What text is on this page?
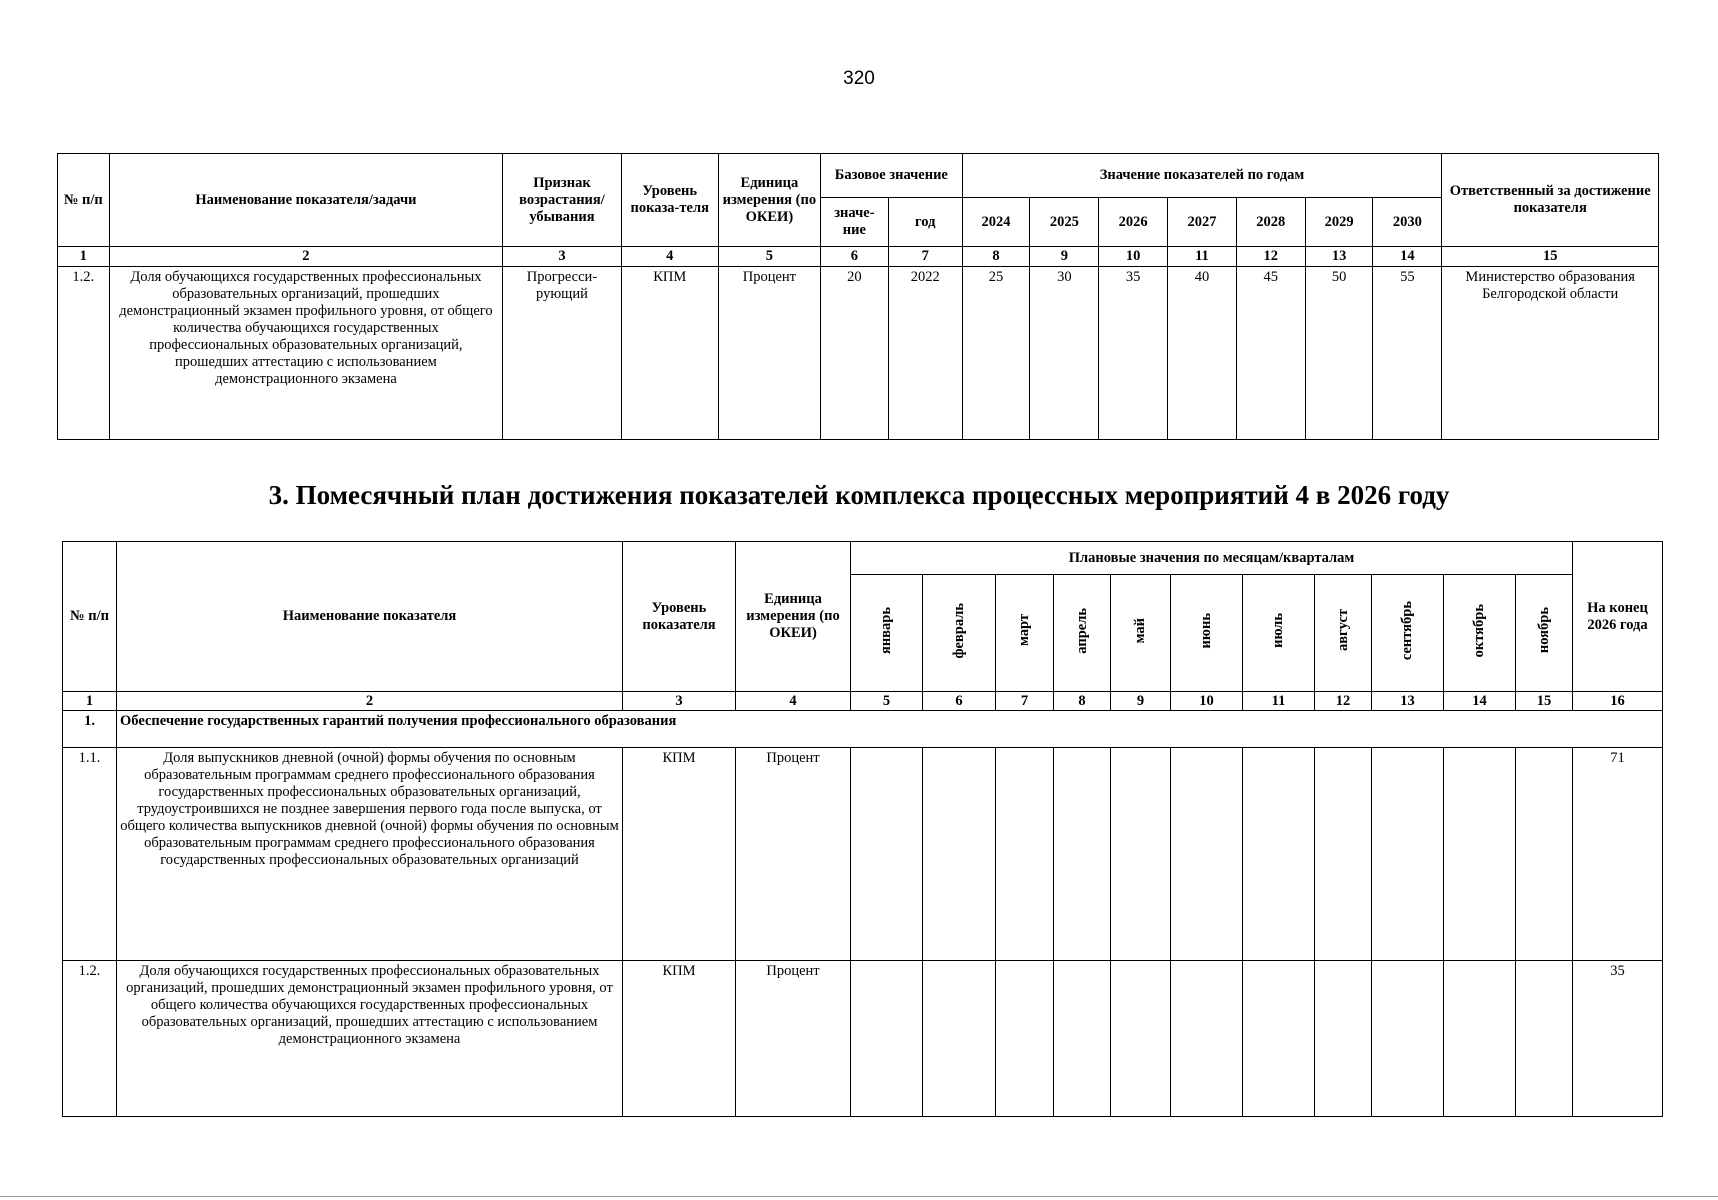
320
№ п/п	Наименование показателя/задачи	Признак возрастания/ убывания	Уровень показа-теля	Единица измерения (по ОКЕИ)	Базовое значение		Значение показателей по годам							Ответственный за достижение показателя
					значе-ние	год	2024	2025	2026	2027	2028	2029	2030	
1	2	3	4	5	6	7	8	9	10	11	12	13	14	15
1.2.	Доля обучающихся государственных профессиональных образовательных организаций, прошедших демонстрационный экзамен профильного уровня, от общего количества обучающихся государственных профессиональных образовательных организаций, прошедших аттестацию с использованием демонстрационного экзамена	Прогресси-рующий	КПМ	Процент	20	2022	25	30	35	40	45	50	55	Министерство образования Белгородской области
3. Помесячный план достижения показателей комплекса процессных мероприятий 4 в 2026 году
№ п/п	Наименование показателя	Уровень показателя	Единица измерения (по ОКЕИ)	Плановые значения по месяцам/кварталам											На конец 2026 года
				январь	февраль	март	апрель	май	июнь	июль	август	сентябрь	октябрь	ноябрь	
1	2	3	4	5	6	7	8	9	10	11	12	13	14	15	16
1.	Обеспечение государственных гарантий получения профессионального образования														
1.1.	Доля выпускников дневной (очной) формы обучения по основным образовательным программам среднего профессионального образования государственных профессиональных образовательных организаций, трудоустроившихся не позднее завершения первого года после выпуска, от общего количества выпускников дневной (очной) формы обучения по основным образовательным программам среднего профессионального образования государственных профессиональных образовательных организаций	КПМ	Процент												71
1.2.	Доля обучающихся государственных профессиональных образовательных организаций, прошедших демонстрационный экзамен профильного уровня, от общего количества обучающихся государственных профессиональных образовательных организаций, прошедших аттестацию с использованием демонстрационного экзамена	КПМ	Процент												35
